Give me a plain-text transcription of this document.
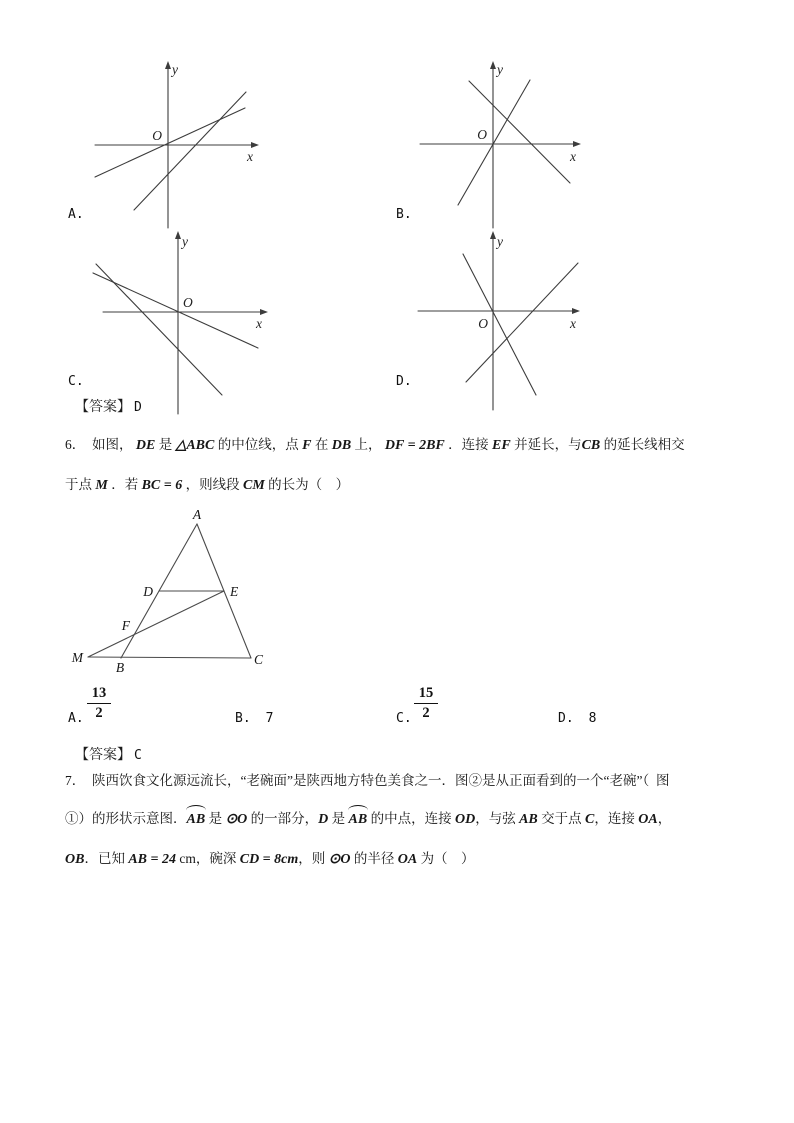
y
x
O
y
x
O
y
x
O
y
x
O
A.	B.
C.	D.
【答案】 D
6．  如图， DE 是 △ABC 的中位线，点 F 在 DB 上， DF = 2BF ．连接 EF 并延长，与CB 的延长线相交
于点 M ．若 BC = 6 ，则线段 CM 的长为（    ）
A
D	E
F
M
B
C
A. $\frac{13}{2}$	B. 7	C. $\frac{15}{2}$	D. 8
【答案】 C
7．  陕西饮食文化源远流长，“老碗面”是陕西地方特色美食之一．图②是从正面看到的一个“老碗”（  图
①）的形状示意图．AB 是 ⊙O 的一部分，D 是 AB 的中点，连接 OD，与弦 AB 交于点 C，连接 OA，
OB．已知 AB = 24 cm，碗深 CD = 8cm，则 ⊙O 的半径 OA 为（    ）
